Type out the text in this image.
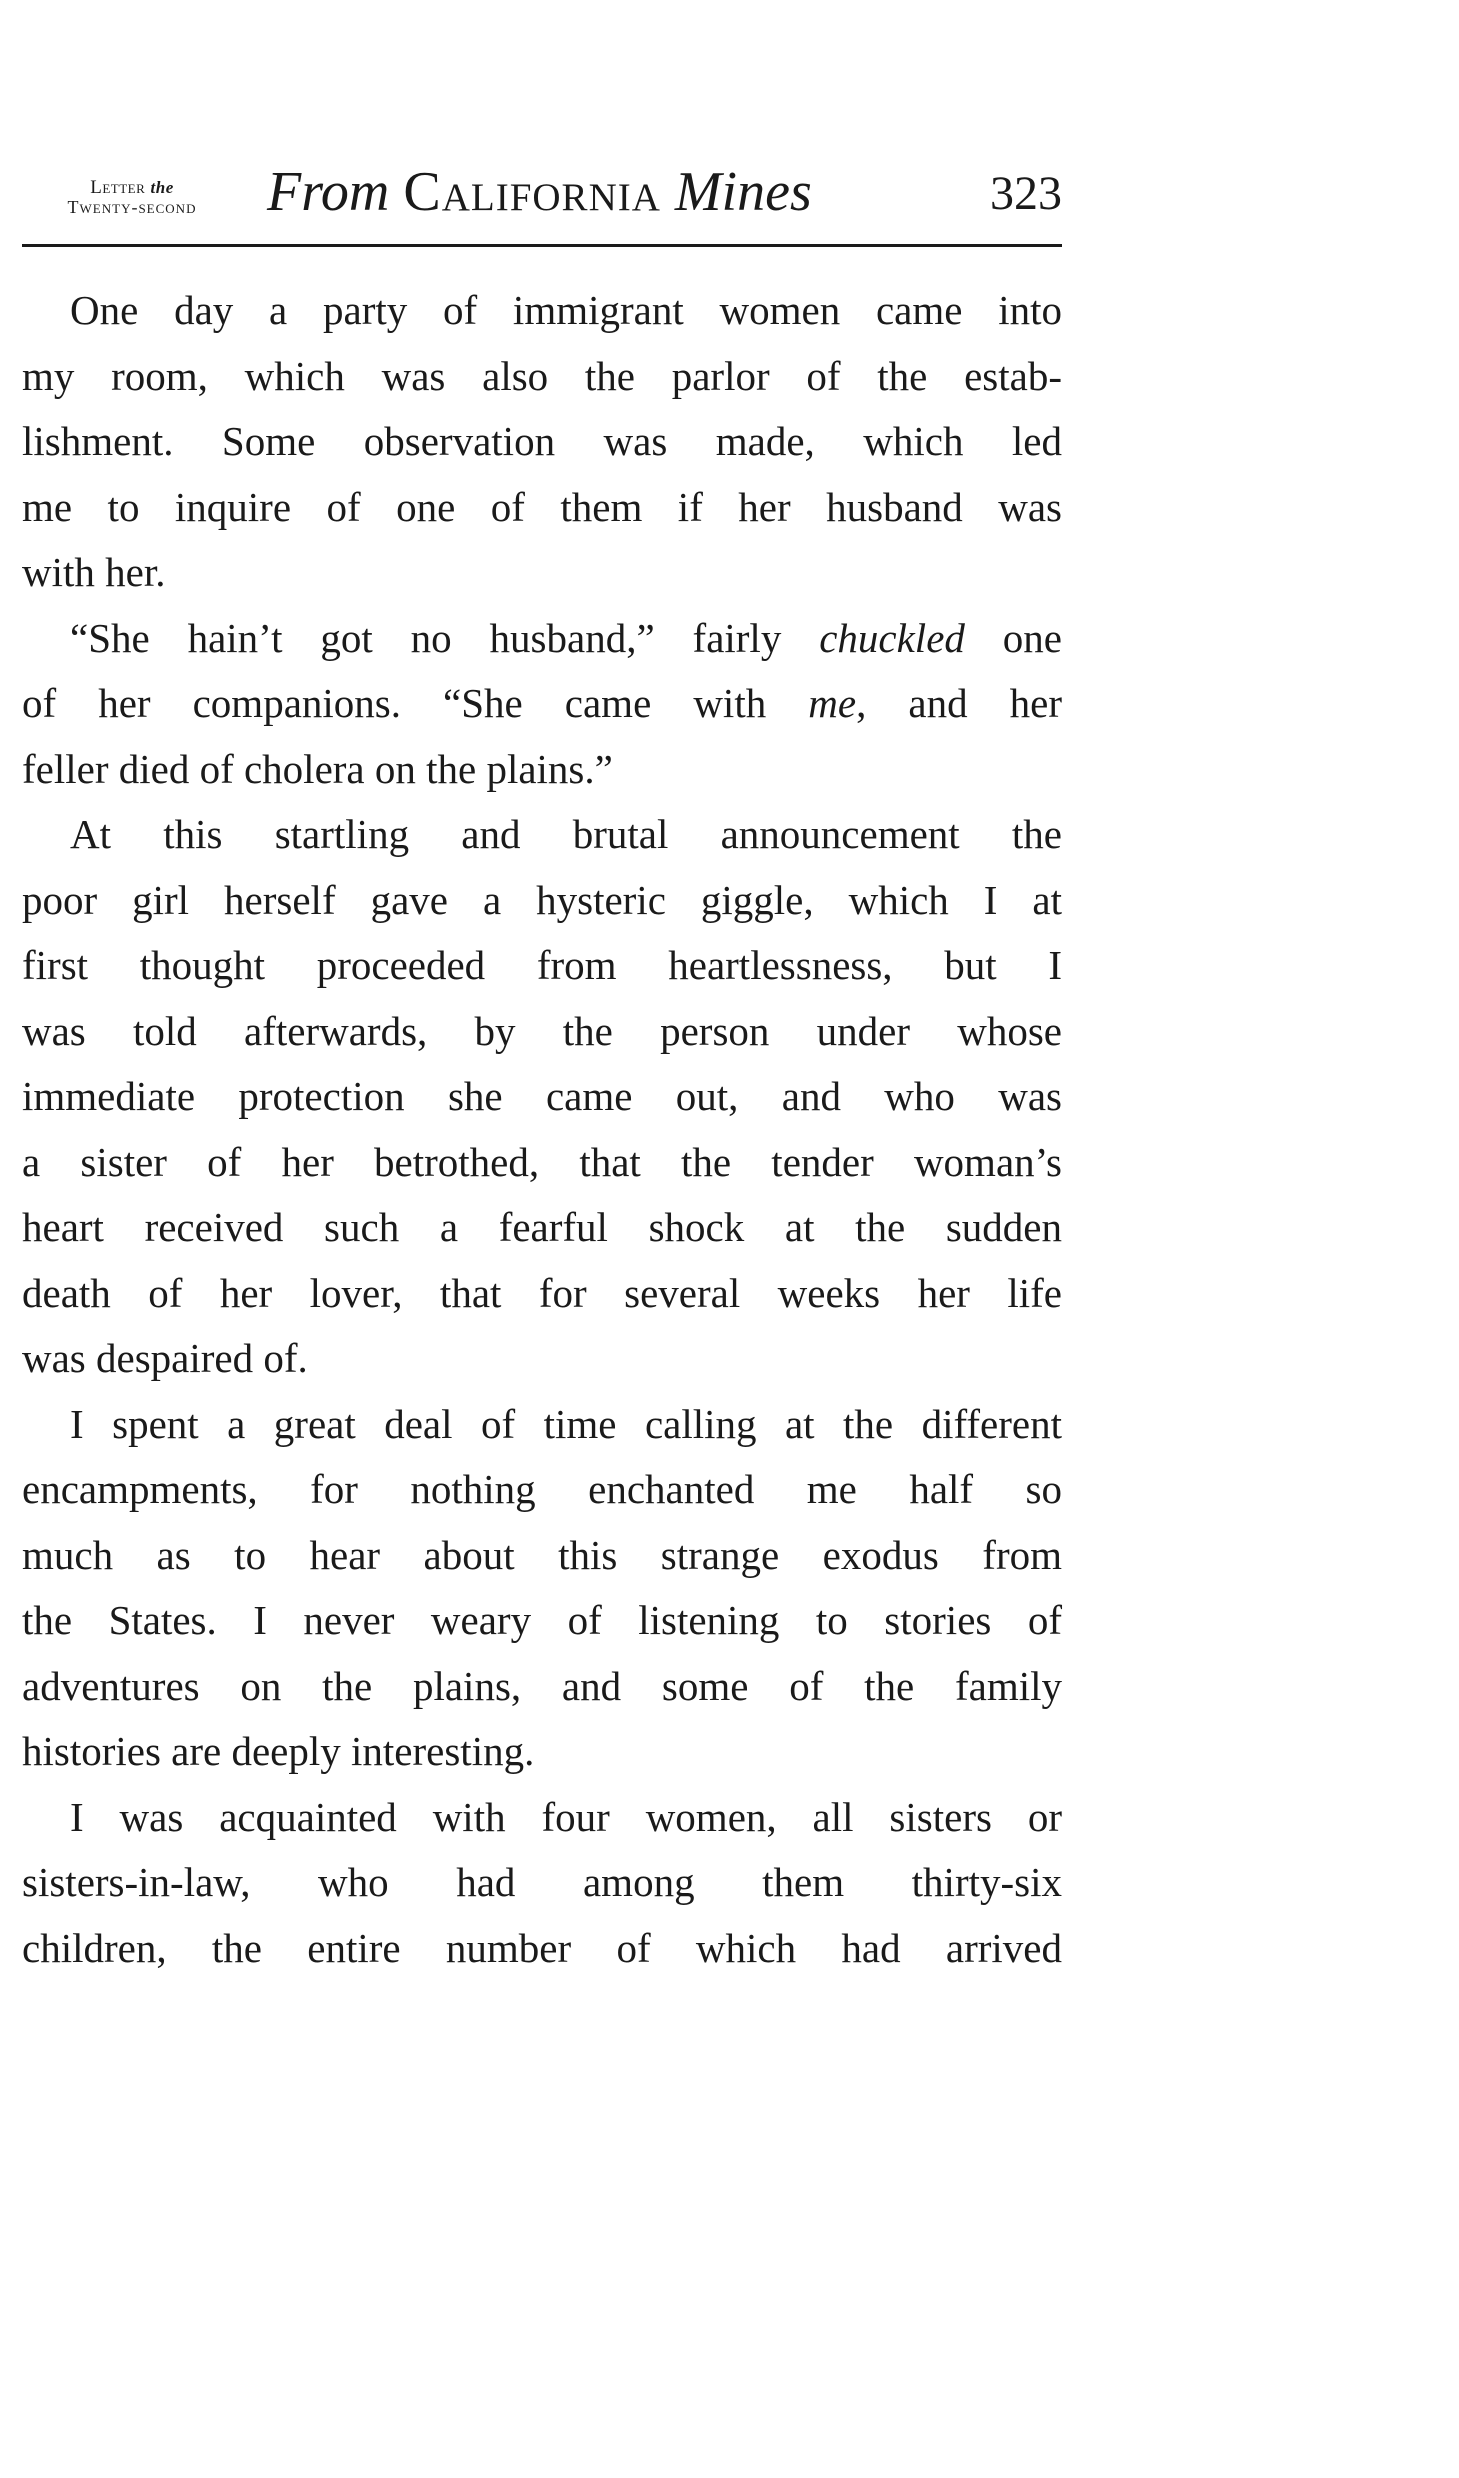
Letter the
Twenty-second	From California Mines	323

One day a party of immigrant women came into
my room, which was also the parlor of the estab-
lishment. Some observation was made, which led
me to inquire of one of them if her husband was
with her.

“She hain’t got no husband,” fairly chuckled one
of her companions. “She came with me, and her
feller died of cholera on the plains.”

At this startling and brutal announcement the
poor girl herself gave a hysteric giggle, which I at
first thought proceeded from heartlessness, but I
was told afterwards, by the person under whose
immediate protection she came out, and who was
a sister of her betrothed, that the tender woman’s
heart received such a fearful shock at the sudden
death of her lover, that for several weeks her life
was despaired of.

I spent a great deal of time calling at the different
encampments, for nothing enchanted me half so
much as to hear about this strange exodus from
the States. I never weary of listening to stories of
adventures on the plains, and some of the family
histories are deeply interesting.

I was acquainted with four women, all sisters or
sisters-in-law, who had among them thirty-six
children, the entire number of which had arrived
